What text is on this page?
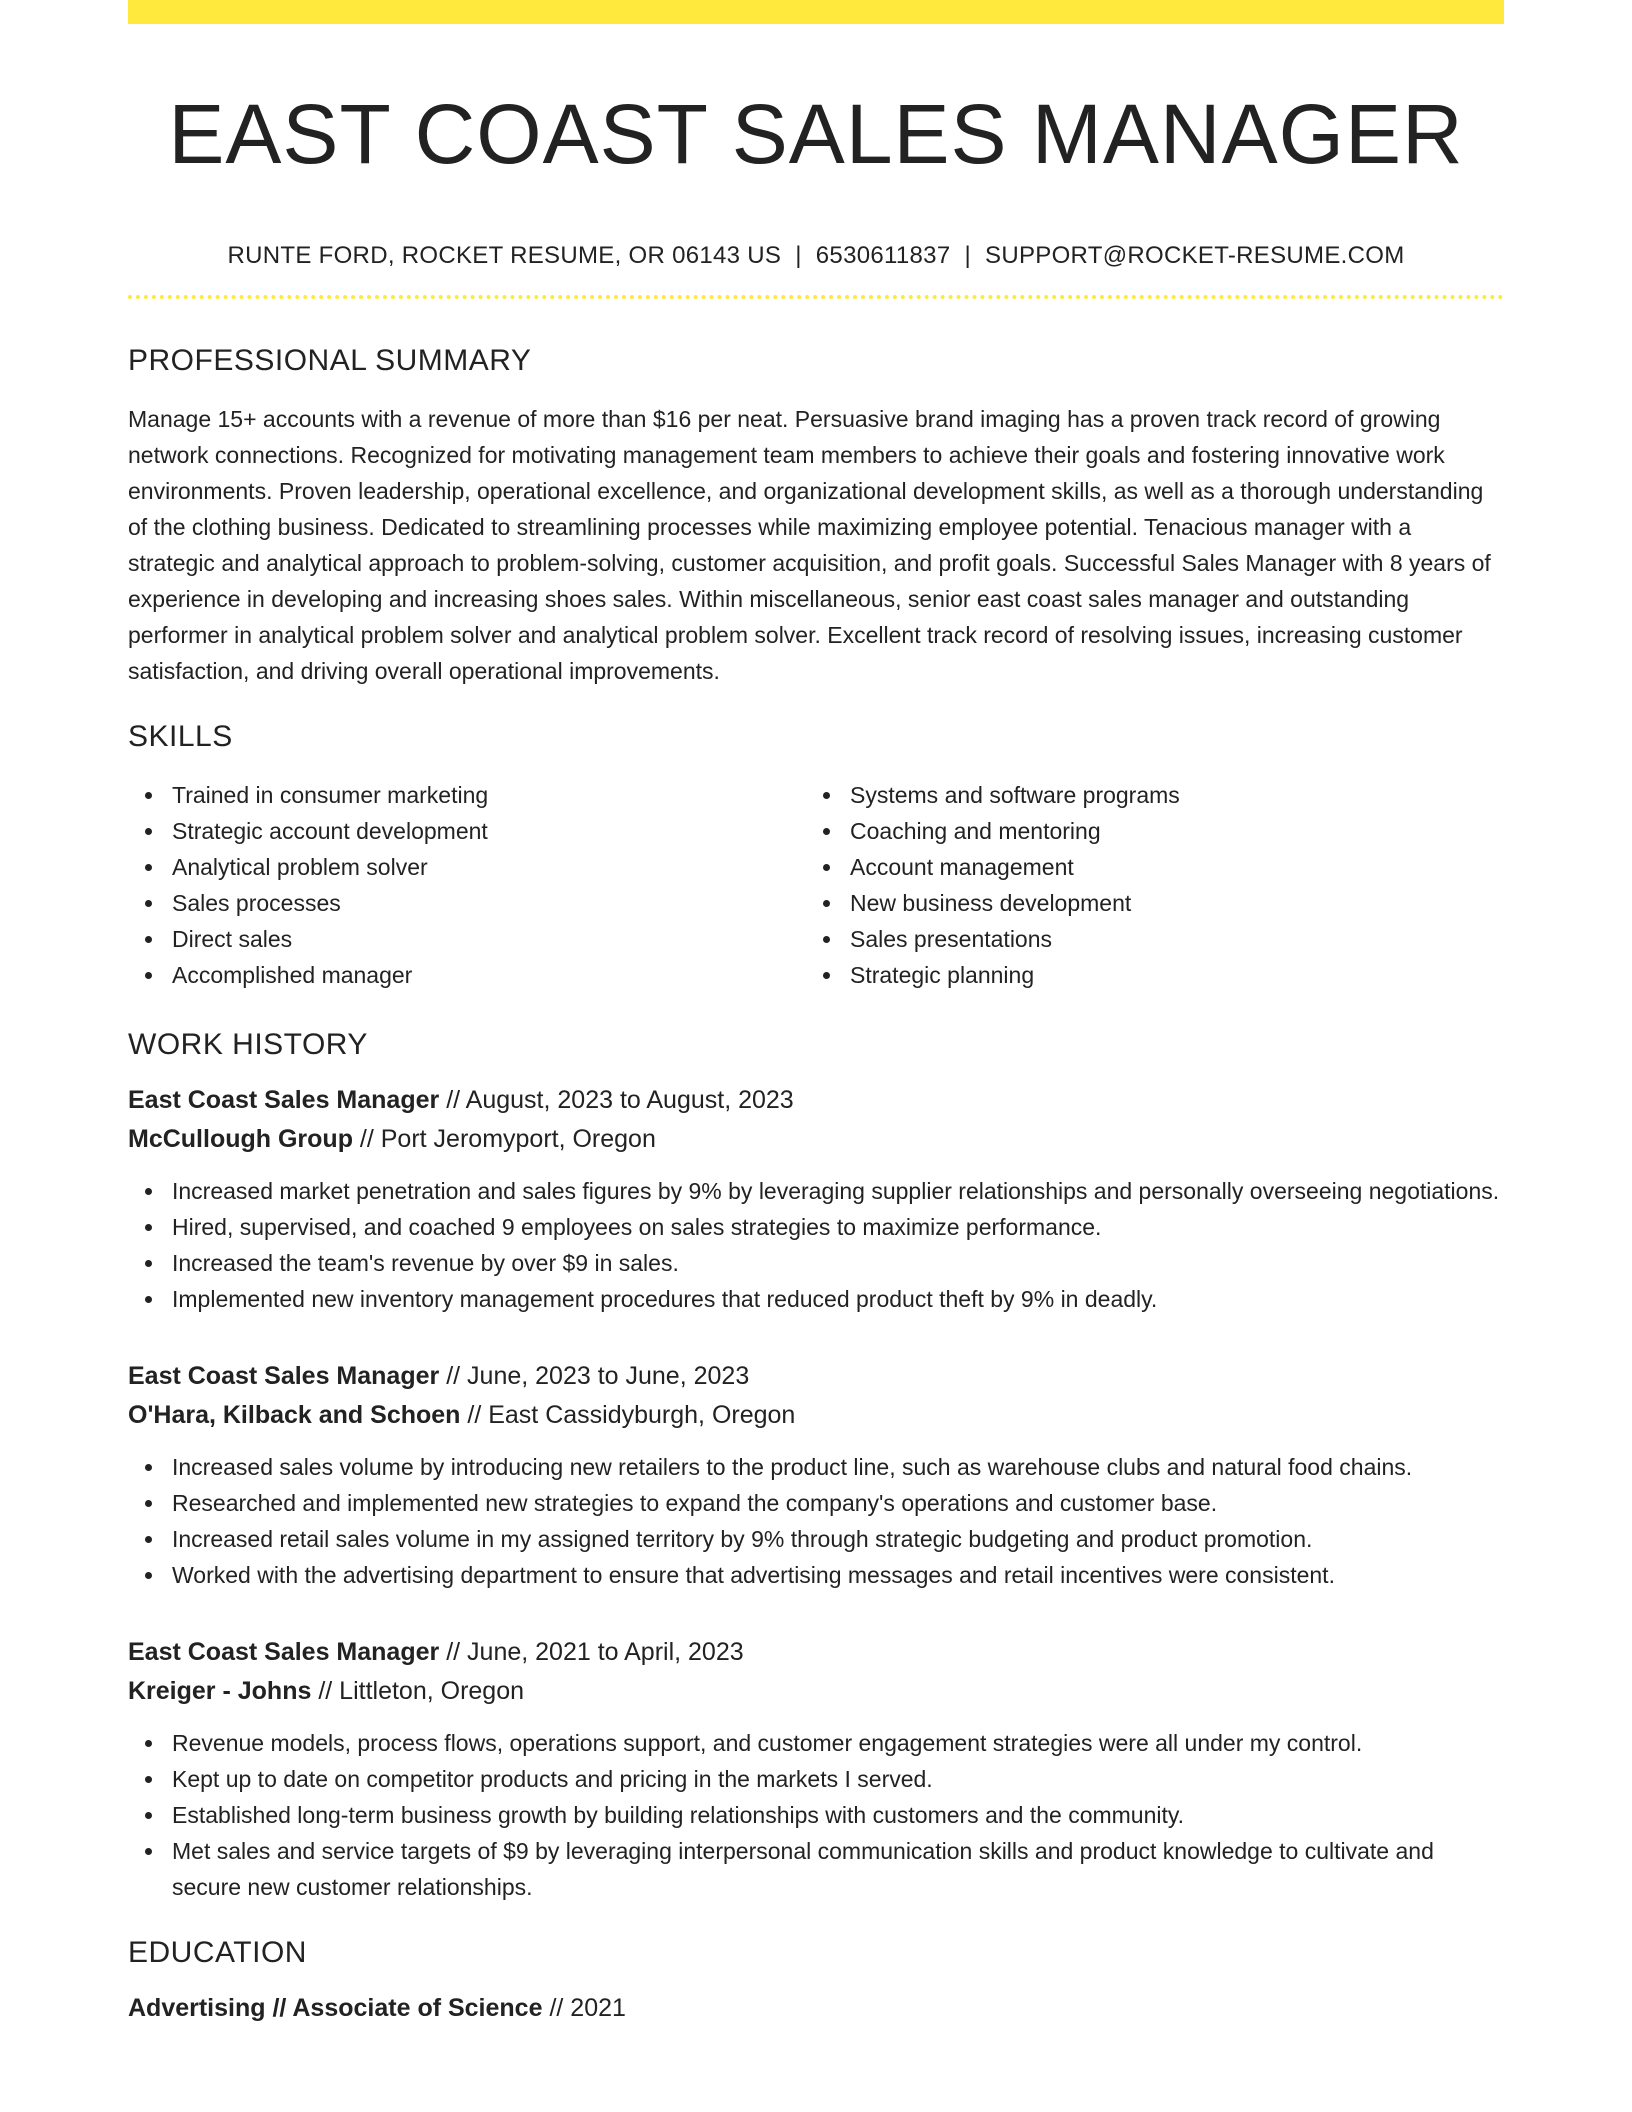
EAST COAST SALES MANAGER
RUNTE FORD, ROCKET RESUME, OR 06143 US | 6530611837 | SUPPORT@ROCKET-RESUME.COM
PROFESSIONAL SUMMARY

Manage 15+ accounts with a revenue of more than $16 per neat. Persuasive brand imaging has a proven track record of growing network connections. Recognized for motivating management team members to achieve their goals and fostering innovative work environments. Proven leadership, operational excellence, and organizational development skills, as well as a thorough understanding of the clothing business. Dedicated to streamlining processes while maximizing employee potential. Tenacious manager with a strategic and analytical approach to problem-solving, customer acquisition, and profit goals. Successful Sales Manager with 8 years of experience in developing and increasing shoes sales. Within miscellaneous, senior east coast sales manager and outstanding performer in analytical problem solver and analytical problem solver. Excellent track record of resolving issues, increasing customer satisfaction, and driving overall operational improvements.

SKILLS
Trained in consumer marketing
Strategic account development
Analytical problem solver
Sales processes
Direct sales
Accomplished manager
Systems and software programs
Coaching and mentoring
Account management
New business development
Sales presentations
Strategic planning
WORK HISTORY
East Coast Sales Manager // August, 2023 to August, 2023
McCullough Group // Port Jeromyport, Oregon
Increased market penetration and sales figures by 9% by leveraging supplier relationships and personally overseeing negotiations.
Hired, supervised, and coached 9 employees on sales strategies to maximize performance.
Increased the team's revenue by over $9 in sales.
Implemented new inventory management procedures that reduced product theft by 9% in deadly.
East Coast Sales Manager // June, 2023 to June, 2023
O'Hara, Kilback and Schoen // East Cassidyburgh, Oregon
Increased sales volume by introducing new retailers to the product line, such as warehouse clubs and natural food chains.
Researched and implemented new strategies to expand the company's operations and customer base.
Increased retail sales volume in my assigned territory by 9% through strategic budgeting and product promotion.
Worked with the advertising department to ensure that advertising messages and retail incentives were consistent.
East Coast Sales Manager // June, 2021 to April, 2023
Kreiger - Johns // Littleton, Oregon
Revenue models, process flows, operations support, and customer engagement strategies were all under my control.
Kept up to date on competitor products and pricing in the markets I served.
Established long-term business growth by building relationships with customers and the community.
Met sales and service targets of $9 by leveraging interpersonal communication skills and product knowledge to cultivate and secure new customer relationships.
EDUCATION
Advertising // Associate of Science // 2021
